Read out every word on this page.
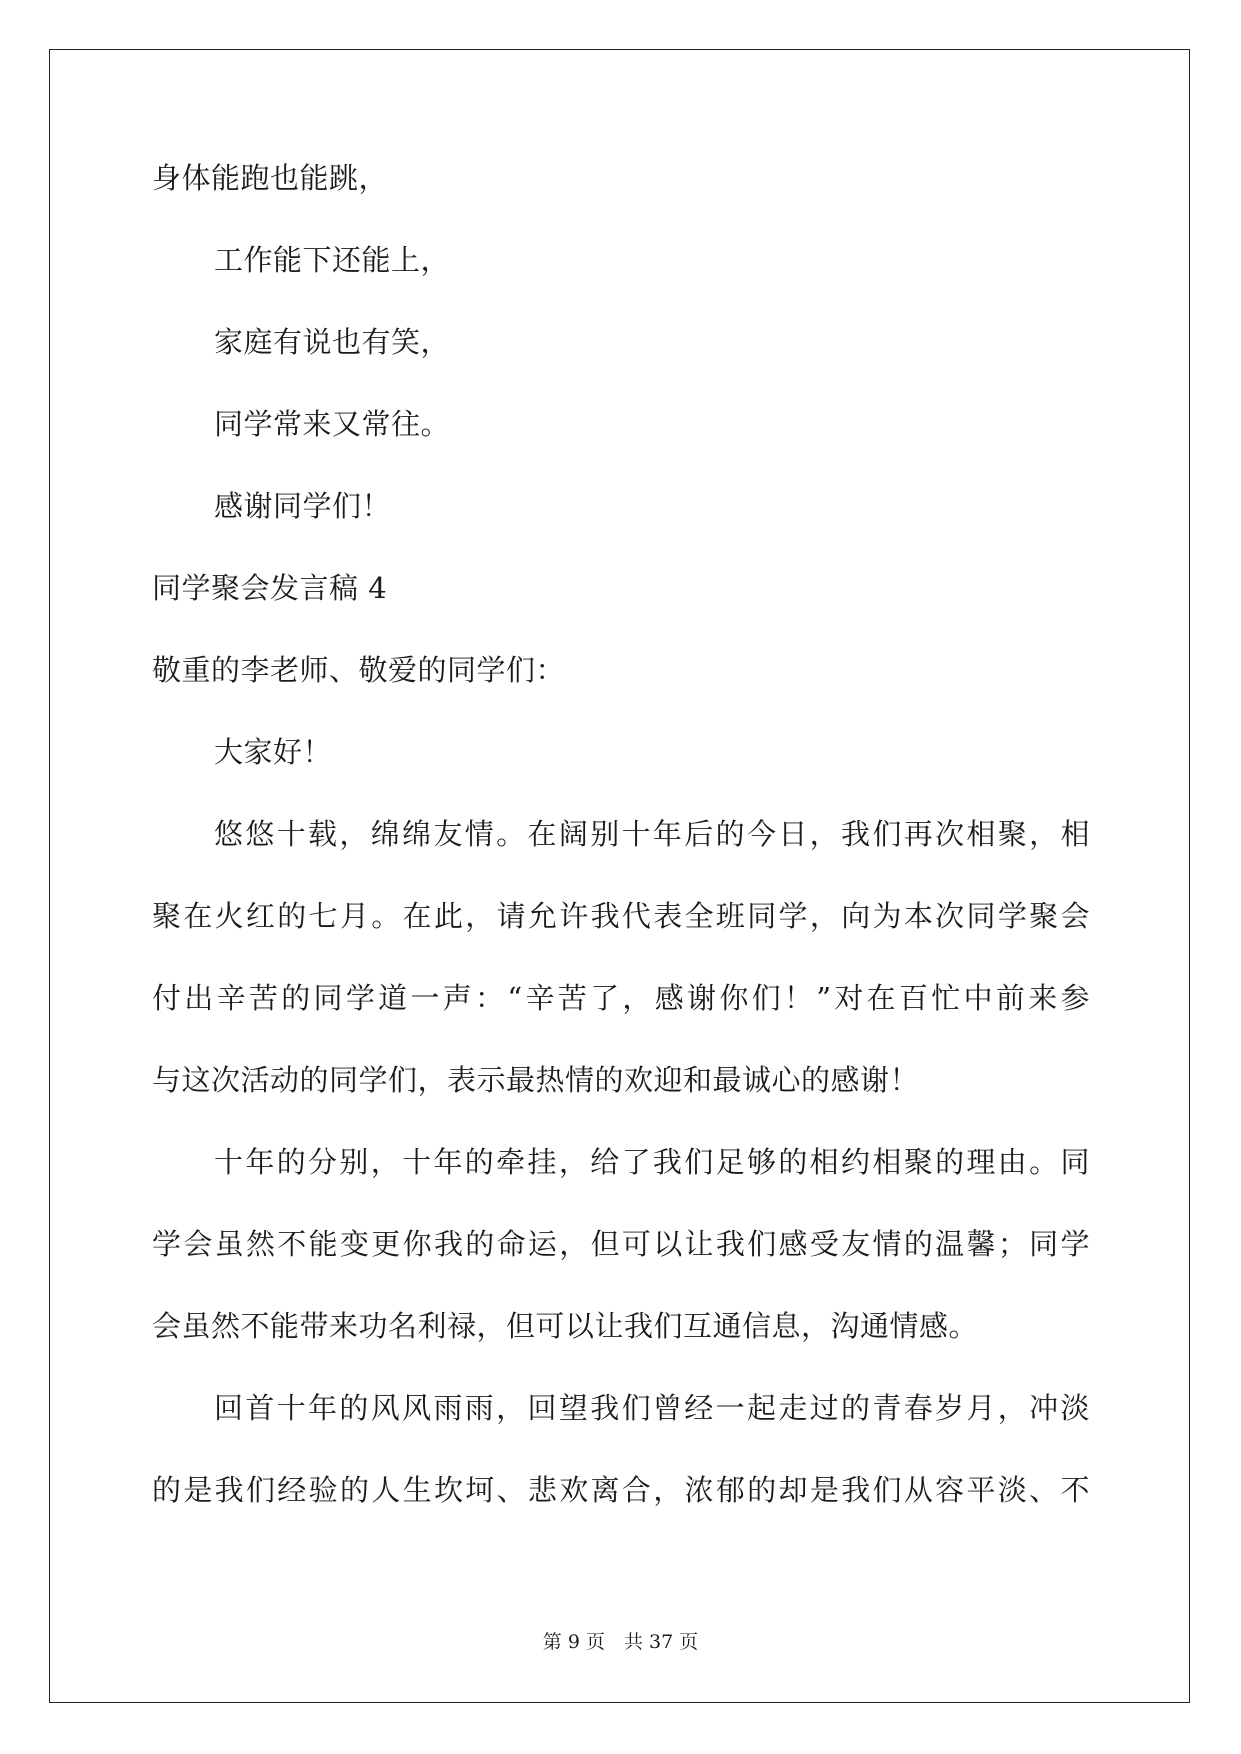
身体能跑也能跳，
工作能下还能上，
家庭有说也有笑，
同学常来又常往。
感谢同学们！
同学聚会发言稿 4
敬重的李老师、敬爱的同学们：
大家好！
悠悠十载，绵绵友情。在阔别十年后的今日，我们再次相聚，相
聚在火红的七月。在此，请允许我代表全班同学，向为本次同学聚会
付出辛苦的同学道一声：“辛苦了，感谢你们！”对在百忙中前来参
与这次活动的同学们，表示最热情的欢迎和最诚心的感谢！
十年的分别，十年的牵挂，给了我们足够的相约相聚的理由。同
学会虽然不能变更你我的命运，但可以让我们感受友情的温馨；同学
会虽然不能带来功名利禄，但可以让我们互通信息，沟通情感。
回首十年的风风雨雨，回望我们曾经一起走过的青春岁月，冲淡
的是我们经验的人生坎坷、悲欢离合，浓郁的却是我们从容平淡、不
第 9 页　共 37 页
